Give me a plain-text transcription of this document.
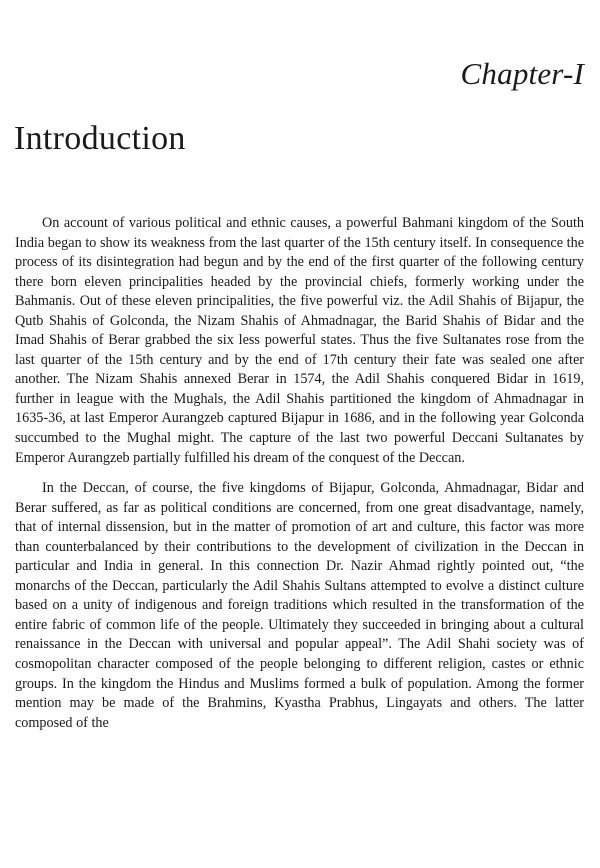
Chapter-I
Introduction

On account of various political and ethnic causes, a powerful Bahmani kingdom of the South India began to show its weakness from the last quarter of the 15th century itself. In consequence the process of its disintegration had begun and by the end of the first quarter of the following century there born eleven principalities headed by the provincial chiefs, formerly working under the Bahmanis. Out of these eleven principalities, the five powerful viz. the Adil Shahis of Bijapur, the Qutb Shahis of Golconda, the Nizam Shahis of Ahmadnagar, the Barid Shahis of Bidar and the Imad Shahis of Berar grabbed the six less powerful states. Thus the five Sultanates rose from the last quarter of the 15th century and by the end of 17th century their fate was sealed one after another. The Nizam Shahis annexed Berar in 1574, the Adil Shahis conquered Bidar in 1619, further in league with the Mughals, the Adil Shahis partitioned the kingdom of Ahmadnagar in 1635-36, at last Emperor Aurangzeb captured Bijapur in 1686, and in the following year Golconda succumbed to the Mughal might. The capture of the last two powerful Deccani Sultanates by Emperor Aurangzeb partially fulfilled his dream of the conquest of the Deccan.

In the Deccan, of course, the five kingdoms of Bijapur, Golconda, Ahmadnagar, Bidar and Berar suffered, as far as political conditions are concerned, from one great disadvantage, namely, that of internal dissension, but in the matter of promotion of art and culture, this factor was more than counterbalanced by their contributions to the development of civilization in the Deccan in particular and India in general. In this connection Dr. Nazir Ahmad rightly pointed out, “the monarchs of the Deccan, particularly the Adil Shahis Sultans attempted to evolve a distinct culture based on a unity of indigenous and foreign traditions which resulted in the transformation of the entire fabric of common life of the people. Ultimately they succeeded in bringing about a cultural renaissance in the Deccan with universal and popular appeal”. The Adil Shahi society was of cosmopolitan character composed of the people belonging to different religion, castes or ethnic groups. In the kingdom the Hindus and Muslims formed a bulk of population. Among the former mention may be made of the Brahmins, Kyastha Prabhus, Lingayats and others. The latter composed of the
